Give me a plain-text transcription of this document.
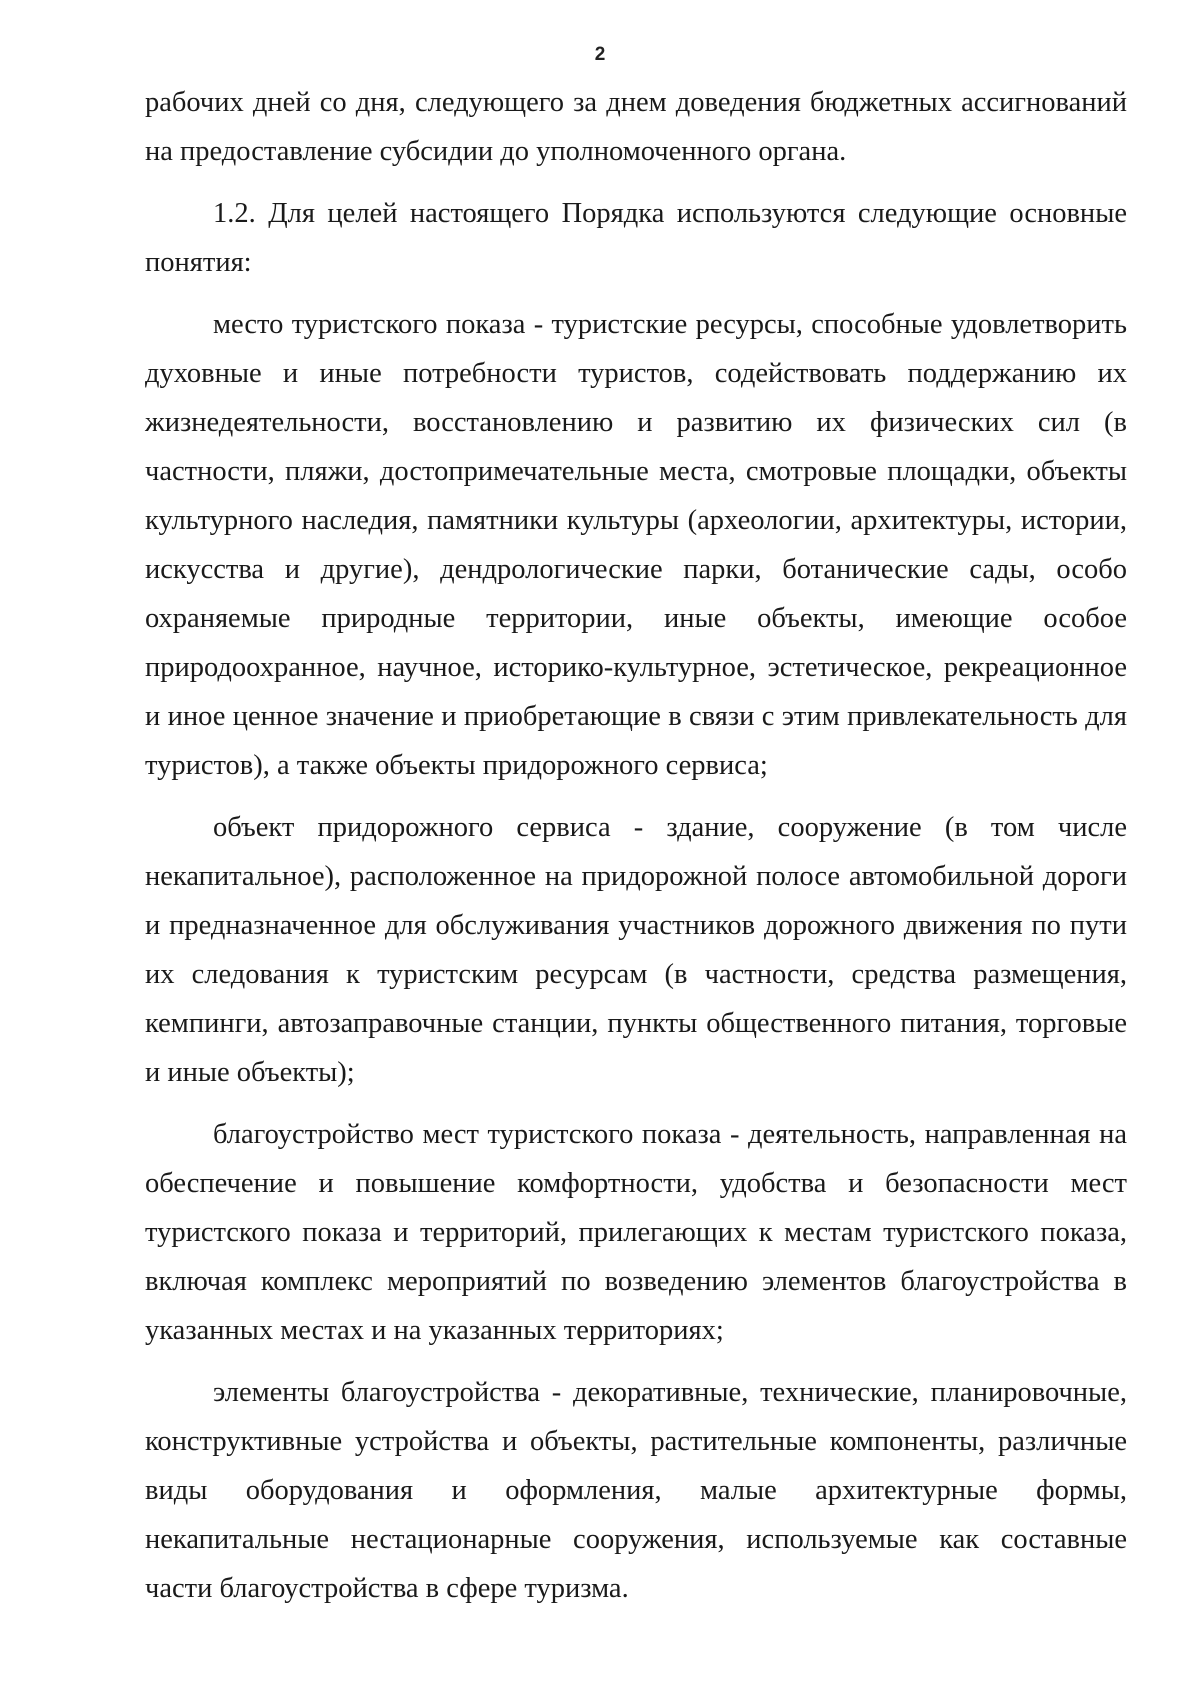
2

рабочих дней со дня, следующего за днем доведения бюджетных ассигнований на предоставление субсидии до уполномоченного органа.

1.2. Для целей настоящего Порядка используются следующие основные понятия:

место туристского показа - туристские ресурсы, способные удовлетворить духовные и иные потребности туристов, содействовать поддержанию их жизнедеятельности, восстановлению и развитию их физических сил (в частности, пляжи, достопримечательные места, смотровые площадки, объекты культурного наследия, памятники культуры (археологии, архитектуры, истории, искусства и другие), дендрологические парки, ботанические сады, особо охраняемые природные территории, иные объекты, имеющие особое природоохранное, научное, историко-культурное, эстетическое, рекреационное и иное ценное значение и приобретающие в связи с этим привлекательность для туристов), а также объекты придорожного сервиса;

объект придорожного сервиса - здание, сооружение (в том числе некапитальное), расположенное на придорожной полосе автомобильной дороги и предназначенное для обслуживания участников дорожного движения по пути их следования к туристским ресурсам (в частности, средства размещения, кемпинги, автозаправочные станции, пункты общественного питания, торговые и иные объекты);

благоустройство мест туристского показа - деятельность, направленная на обеспечение и повышение комфортности, удобства и безопасности мест туристского показа и территорий, прилегающих к местам туристского показа, включая комплекс мероприятий по возведению элементов благоустройства в указанных местах и на указанных территориях;

элементы благоустройства - декоративные, технические, планировочные, конструктивные устройства и объекты, растительные компоненты, различные виды оборудования и оформления, малые архитектурные формы, некапитальные нестационарные сооружения, используемые как составные части благоустройства в сфере туризма.
